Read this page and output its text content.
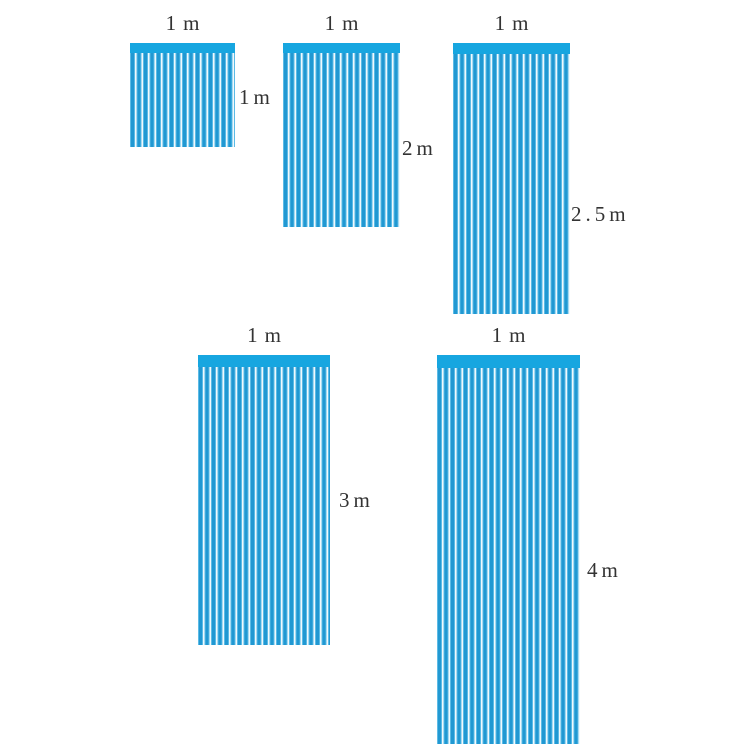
1m
1m
1m
2m
1m
2.5m
1m
3m
1m
4m
